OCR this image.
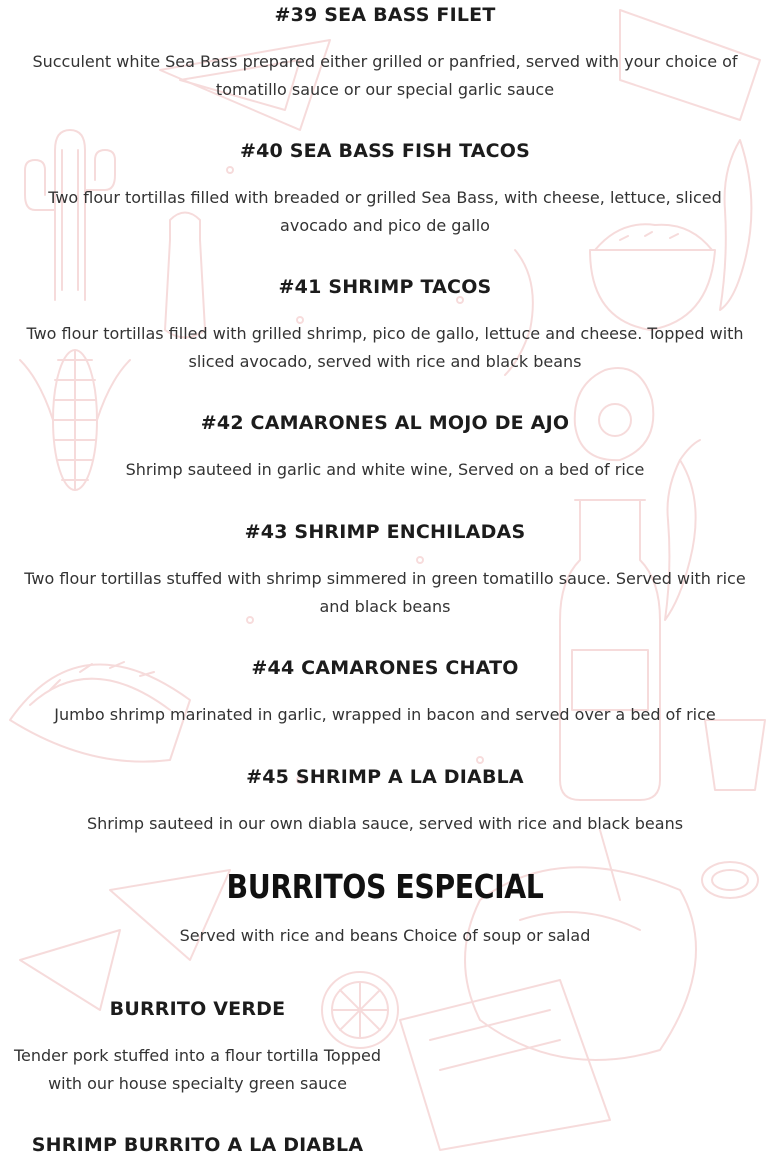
#39 SEA BASS FILET

Succulent white Sea Bass prepared either grilled or panfried, served with your choice of tomatillo sauce or our special garlic sauce

#40 SEA BASS FISH TACOS

Two flour tortillas filled with breaded or grilled Sea Bass, with cheese, lettuce, sliced avocado and pico de gallo

#41 SHRIMP TACOS

Two flour tortillas filled with grilled shrimp, pico de gallo, lettuce and cheese. Topped with sliced avocado, served with rice and black beans

#42 CAMARONES AL MOJO DE AJO

Shrimp sauteed in garlic and white wine, Served on a bed of rice

#43 SHRIMP ENCHILADAS

Two flour tortillas stuffed with shrimp simmered in green tomatillo sauce. Served with rice and black beans

#44 CAMARONES CHATO

Jumbo shrimp marinated in garlic, wrapped in bacon and served over a bed of rice

#45 SHRIMP A LA DIABLA

Shrimp sauteed in our own diabla sauce, served with rice and black beans

BURRITOS ESPECIAL
Served with rice and beans Choice of soup or salad
BURRITO VERDE

Tender pork stuffed into a flour tortilla Topped with our house specialty green sauce

SHRIMP BURRITO A LA DIABLA
